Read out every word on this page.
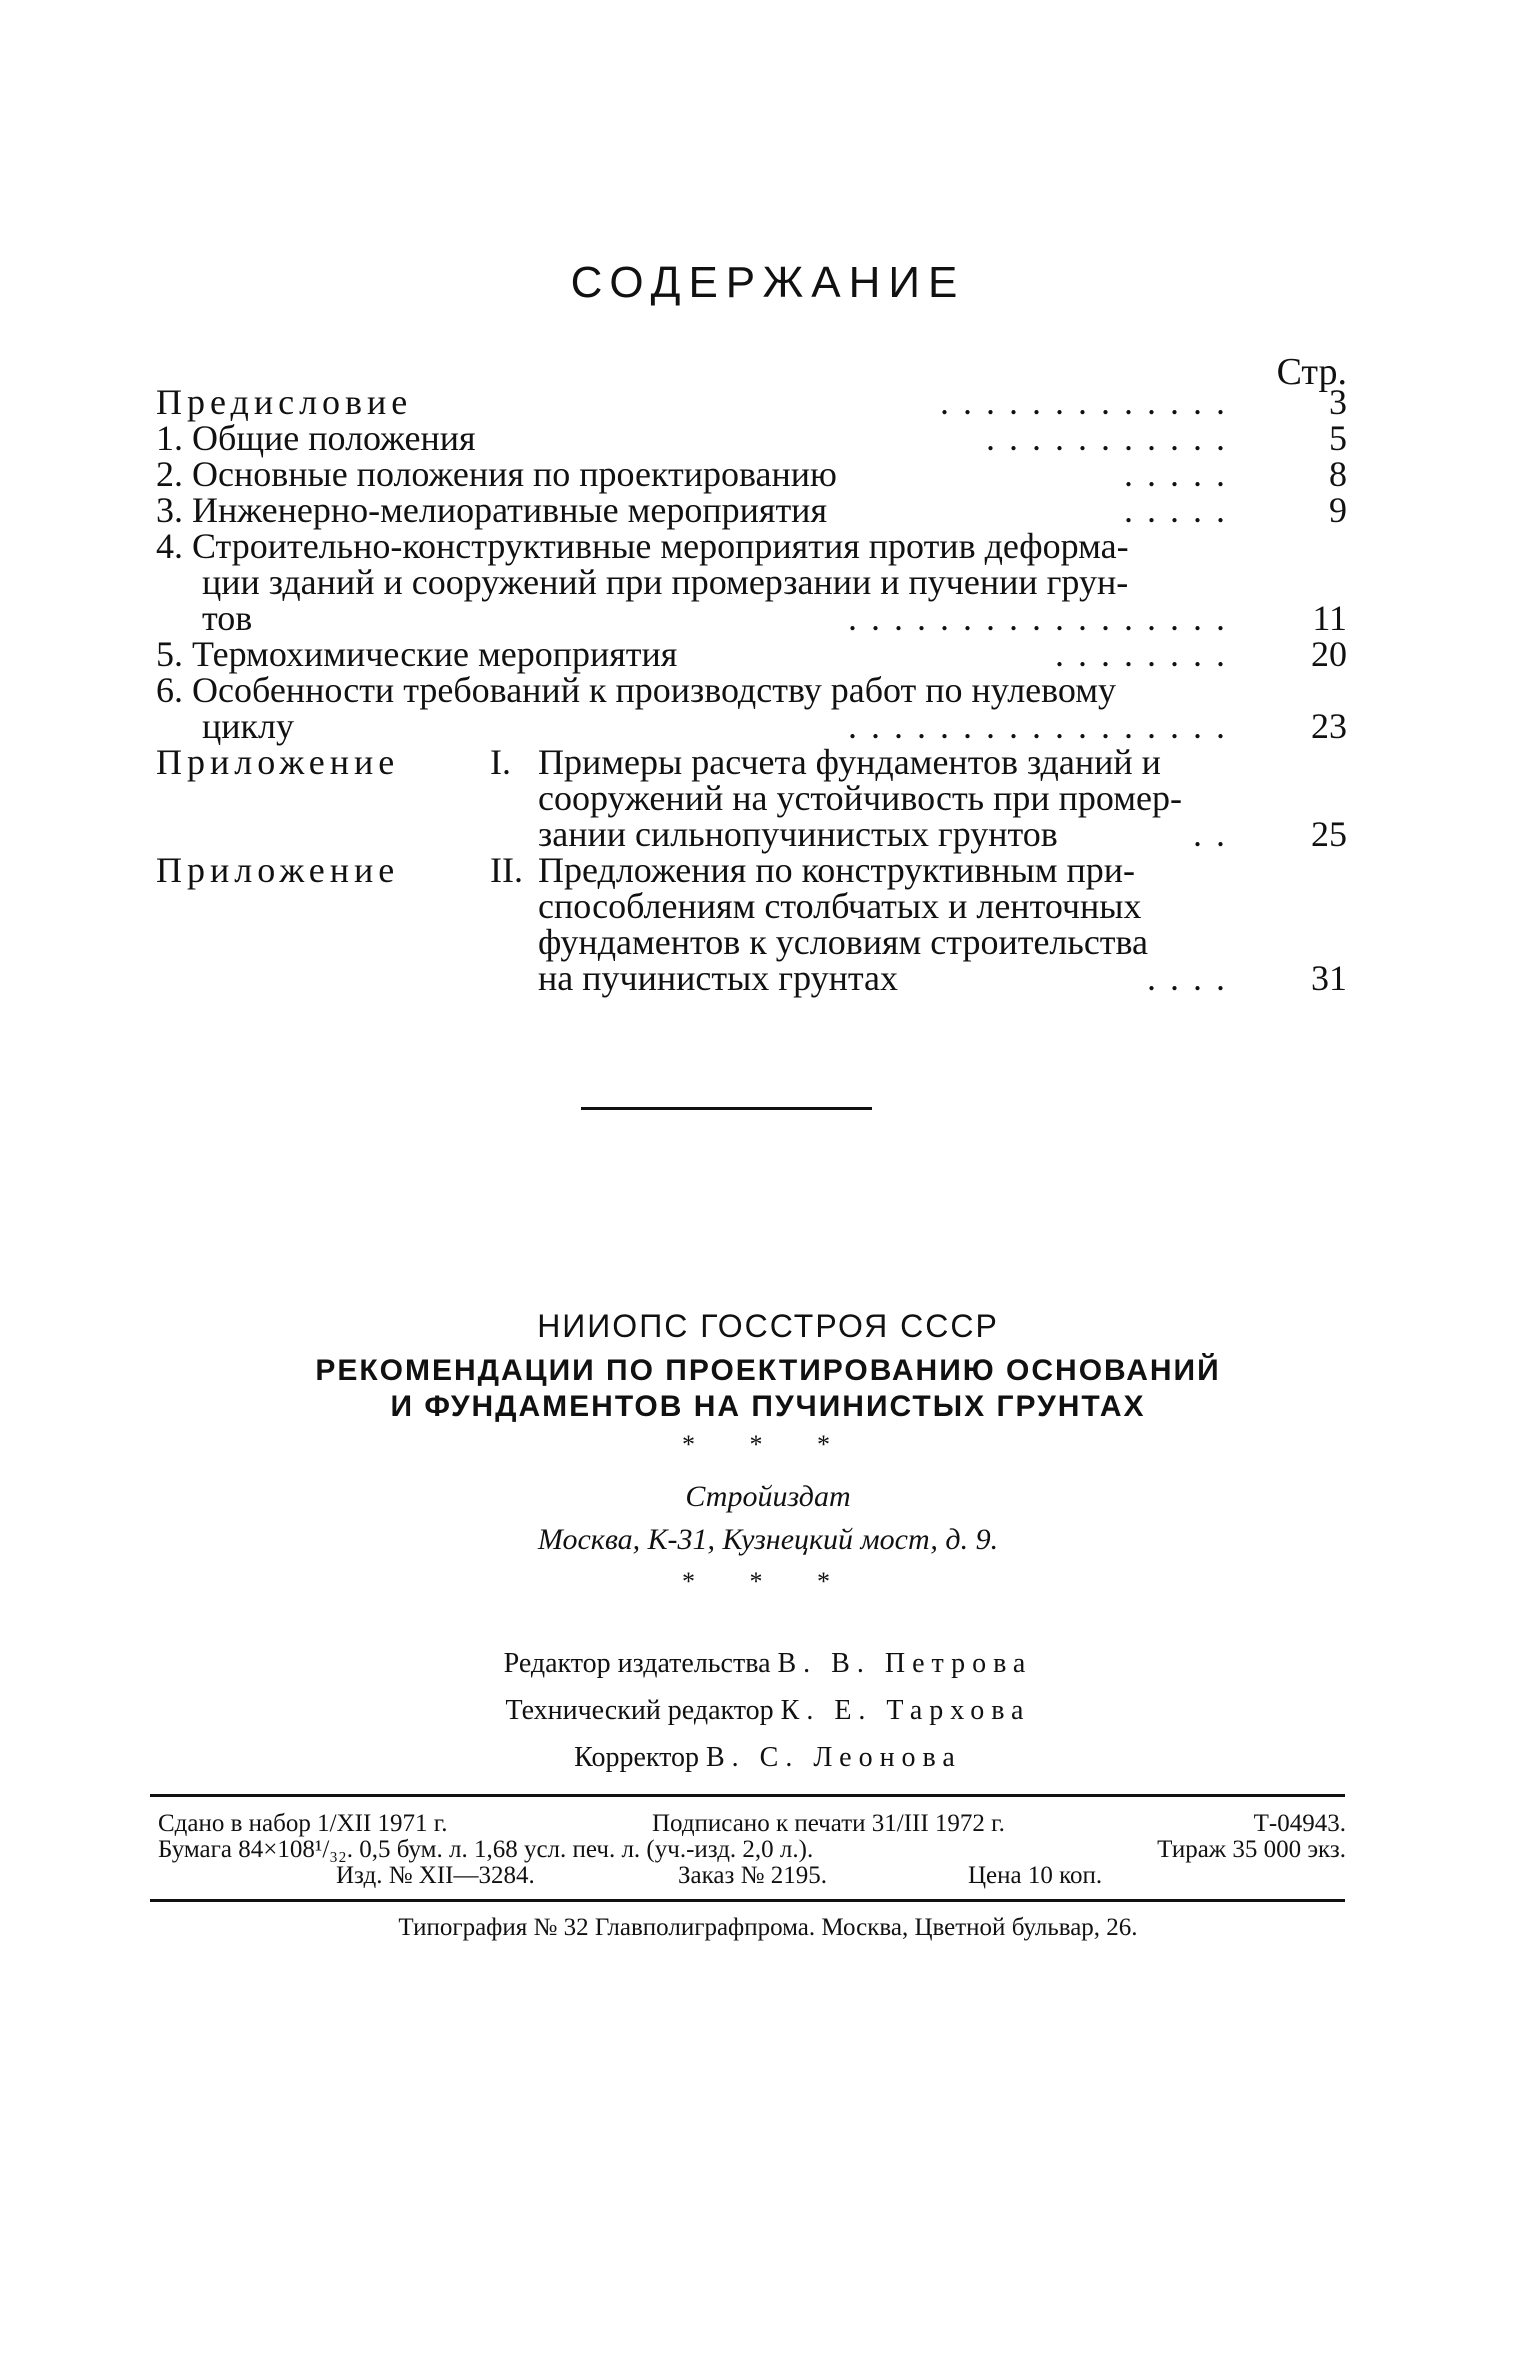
СОДЕРЖАНИЕ
Стр.
Предисловие	.............	3
1. Общие положения	...........	5
2. Основные положения по проектированию	.....	8
3. Инженерно-мелиоративные мероприятия	.....	9
4. Строительно-конструктивные мероприятия против деформа-
ции зданий и сооружений при промерзании и пучении грун-
тов	.................	11
5. Термохимические мероприятия	........	20
6. Особенности требований к производству работ по нулевому
циклу	.................	23
Приложение	I. Примеры расчета фундаментов зданий и
сооружений на устойчивость при промер-
зании сильнопучинистых грунтов	..	25
Приложение	II. Предложения по конструктивным при-
способлениям столбчатых и ленточных
фундаментов к условиям строительства
на пучинистых грунтах	....	31
НИИОПС ГОССТРОЯ СССР
РЕКОМЕНДАЦИИ ПО ПРОЕКТИРОВАНИЮ ОСНОВАНИЙ
И ФУНДАМЕНТОВ НА ПУЧИНИСТЫХ ГРУНТАХ
* * *
Стройиздат
Москва, К-31, Кузнецкий мост, д. 9.
* * *
Редактор издательства В. В. Петрова
Технический редактор К. Е. Тархова
Корректор В. С. Леонова
Сдано в набор 1/XII 1971 г.	Подписано к печати 31/III 1972 г.	Т-04943.
Бумага 84×108¹/₃₂. 0,5 бум. л. 1,68 усл. печ. л. (уч.-изд. 2,0 л.).	Тираж 35 000 экз.
Изд. № XII—3284.	Заказ № 2195.	Цена 10 коп.
Типография № 32 Главполиграфпрома. Москва, Цветной бульвар, 26.
